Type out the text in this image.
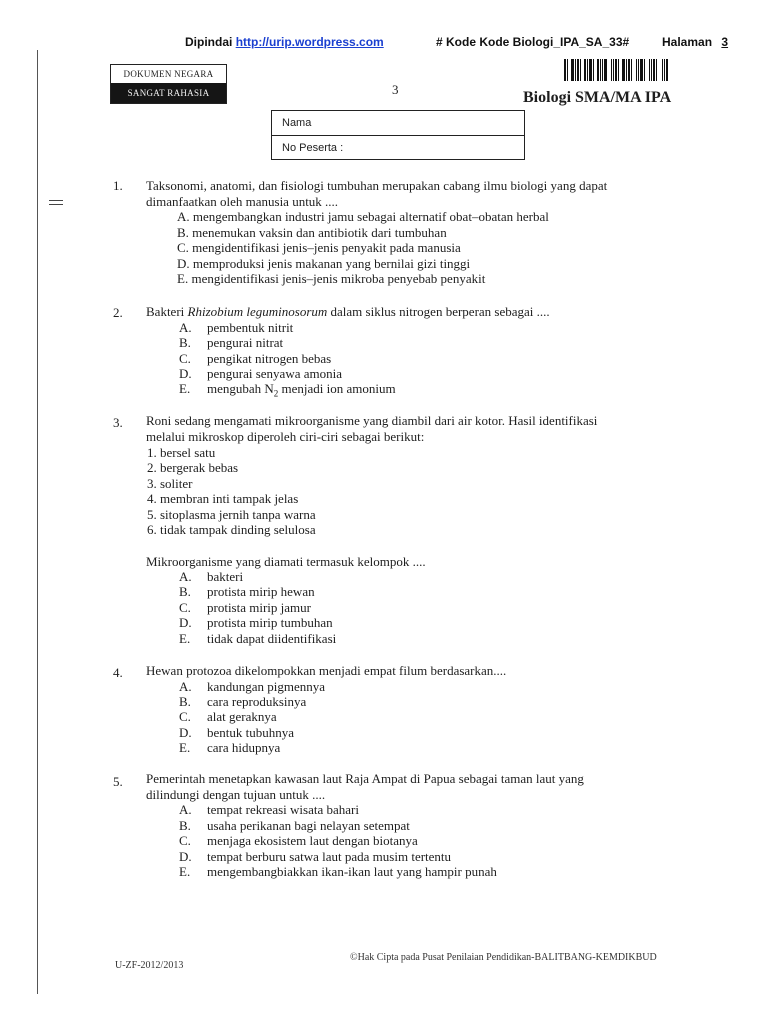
Dipindai http://urip.wordpress.com	# Kode Kode Biologi_IPA_SA_33#	Halaman 3
DOKUMEN NEGARA
SANGAT RAHASIA	3	Biologi SMA/MA IPA
Nama
No Peserta :
1. Taksonomi, anatomi, dan fisiologi tumbuhan merupakan cabang ilmu biologi yang dapat
dimanfaatkan oleh manusia untuk ....
A. mengembangkan industri jamu sebagai alternatif obat–obatan herbal
B. menemukan vaksin dan antibiotik dari tumbuhan
C. mengidentifikasi jenis–jenis penyakit pada manusia
D. memproduksi jenis makanan yang bernilai gizi tinggi
E. mengidentifikasi jenis–jenis mikroba penyebab penyakit
2. Bakteri Rhizobium leguminosorum dalam siklus nitrogen berperan sebagai ....
A. pembentuk nitrit
B. pengurai nitrat
C. pengikat nitrogen bebas
D. pengurai senyawa amonia
E. mengubah $N_2$ menjadi ion amonium
3. Roni sedang mengamati mikroorganisme yang diambil dari air kotor. Hasil identifikasi
melalui mikroskop diperoleh ciri-ciri sebagai berikut:
1. bersel satu
2. bergerak bebas
3. soliter
4. membran inti tampak jelas
5. sitoplasma jernih tanpa warna
6. tidak tampak dinding selulosa
Mikroorganisme yang diamati termasuk kelompok ....
A. bakteri
B. protista mirip hewan
C. protista mirip jamur
D. protista mirip tumbuhan
E. tidak dapat diidentifikasi
4. Hewan protozoa dikelompokkan menjadi empat filum berdasarkan....
A. kandungan pigmennya
B. cara reproduksinya
C. alat geraknya
D. bentuk tubuhnya
E. cara hidupnya
5. Pemerintah menetapkan kawasan laut Raja Ampat di Papua sebagai taman laut yang
dilindungi dengan tujuan untuk ....
A. tempat rekreasi wisata bahari
B. usaha perikanan bagi nelayan setempat
C. menjaga ekosistem laut dengan biotanya
D. tempat berburu satwa laut pada musim tertentu
E. mengembangbiakkan ikan-ikan laut yang hampir punah
U-ZF-2012/2013
©Hak Cipta pada Pusat Penilaian Pendidikan-BALITBANG-KEMDIKBUD
